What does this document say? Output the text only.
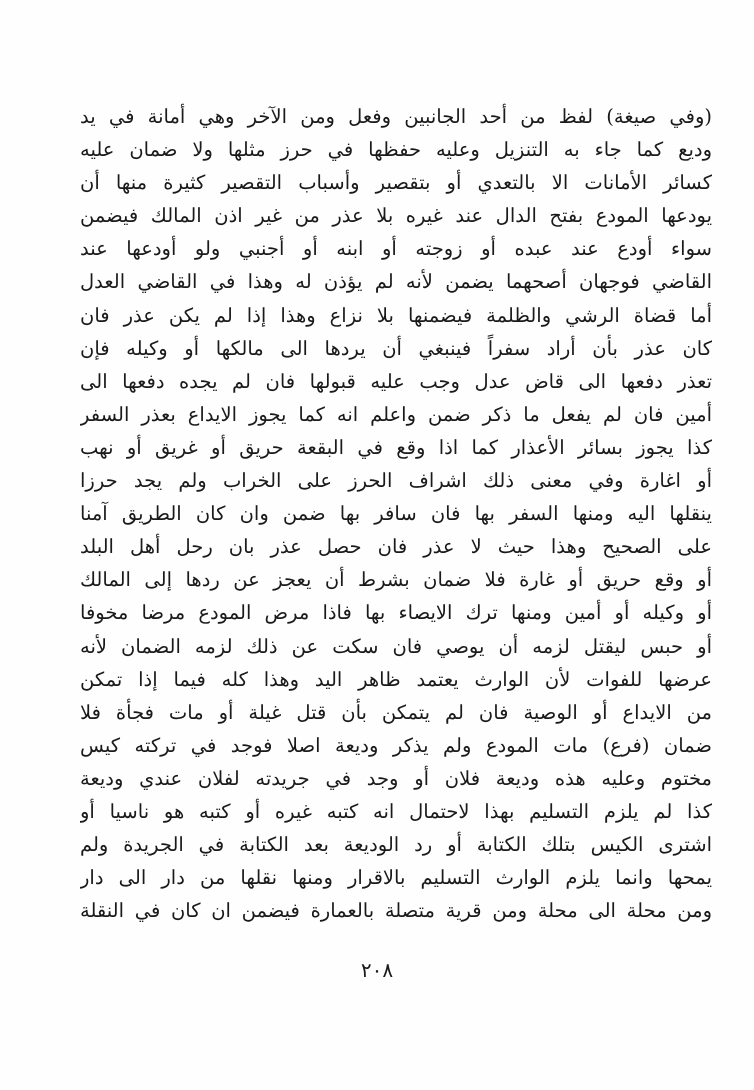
(وفي صيغة) لفظ من أحد الجانبين وفعل ومن الآخر وهي أمانة في يد
وديع كما جاء به التنزيل وعليه حفظها في حرز مثلها ولا ضمان عليه
كسائر الأمانات الا بالتعدي أو بتقصير وأسباب التقصير كثيرة منها أن
يودعها المودع بفتح الدال عند غيره بلا عذر من غير اذن المالك فيضمن
سواء أودع عند عبده أو زوجته أو ابنه أو أجنبي ولو أودعها عند
القاضي فوجهان أصحهما يضمن لأنه لم يؤذن له وهذا في القاضي العدل
أما قضاة الرشي والظلمة فيضمنها بلا نزاع وهذا إذا لم يكن عذر فان
كان عذر بأن أراد سفراً فينبغي أن يردها الى مالكها أو وكيله فإن
تعذر دفعها الى قاض عدل وجب عليه قبولها فان لم يجده دفعها الى
أمين فان لم يفعل ما ذكر ضمن واعلم انه كما يجوز الايداع بعذر السفر
كذا يجوز بسائر الأعذار كما اذا وقع في البقعة حريق أو غريق أو نهب
أو اغارة وفي معنى ذلك اشراف الحرز على الخراب ولم يجد حرزا
ينقلها اليه ومنها السفر بها فان سافر بها ضمن وان كان الطريق آمنا
على الصحيح وهذا حيث لا عذر فان حصل عذر بان رحل أهل البلد
أو وقع حريق أو غارة فلا ضمان بشرط أن يعجز عن ردها إلى المالك
أو وكيله أو أمين ومنها ترك الايصاء بها فاذا مرض المودع مرضا مخوفا
أو حبس ليقتل لزمه أن يوصي فان سكت عن ذلك لزمه الضمان لأنه
عرضها للفوات لأن الوارث يعتمد ظاهر اليد وهذا كله فيما إذا تمكن
من الايداع أو الوصية فان لم يتمكن بأن قتل غيلة أو مات فجأة فلا
ضمان (فرع) مات المودع ولم يذكر وديعة اصلا فوجد في تركته كيس
مختوم وعليه هذه وديعة فلان أو وجد في جريدته لفلان عندي وديعة
كذا لم يلزم التسليم بهذا لاحتمال انه كتبه غيره أو كتبه هو ناسيا أو
اشترى الكيس بتلك الكتابة أو رد الوديعة بعد الكتابة في الجريدة ولم
يمحها وانما يلزم الوارث التسليم بالاقرار ومنها نقلها من دار الى دار
ومن محلة الى محلة ومن قرية متصلة بالعمارة فيضمن ان كان في النقلة
٢٠٨
